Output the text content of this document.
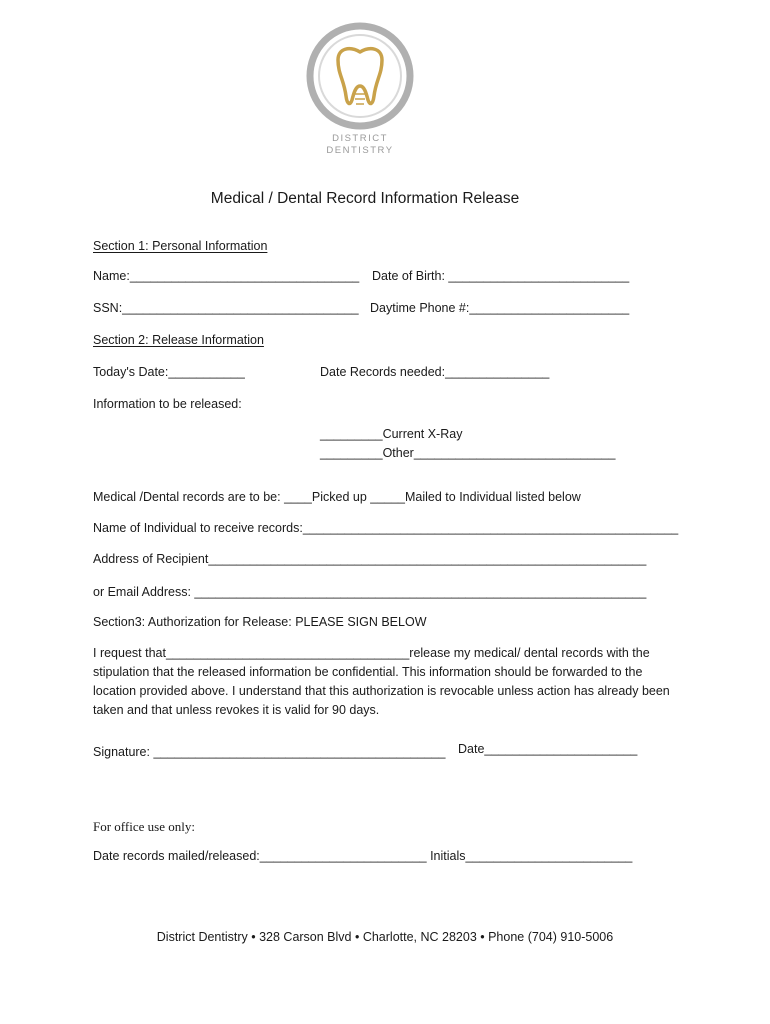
DISTRICT
DENTISTRY
Medical / Dental Record Information Release
Section 1: Personal Information
Name:_________________________________ Date of Birth: __________________________
SSN:__________________________________ Daytime Phone #:_______________________
Section 2: Release Information
Today's Date:___________	Date Records needed:_______________
Information to be released:
_________Current X-Ray
_________Other_____________________________
Medical /Dental records are to be: ____Picked up _____Mailed to Individual listed below
Name of Individual to receive records:______________________________________________________
Address of Recipient_______________________________________________________________
or Email Address: _________________________________________________________________
Section3: Authorization for Release: PLEASE SIGN BELOW
I request that___________________________________release my medical/ dental records with the stipulation that the released information be confidential. This information should be forwarded to the location provided above. I understand that this authorization is revocable unless action has already been taken and that unless revokes it is valid for 90 days.
Signature: __________________________________________ Date______________________
For office use only:
Date records mailed/released:________________________ Initials________________________
District Dentistry • 328 Carson Blvd • Charlotte, NC 28203 • Phone (704) 910-5006
